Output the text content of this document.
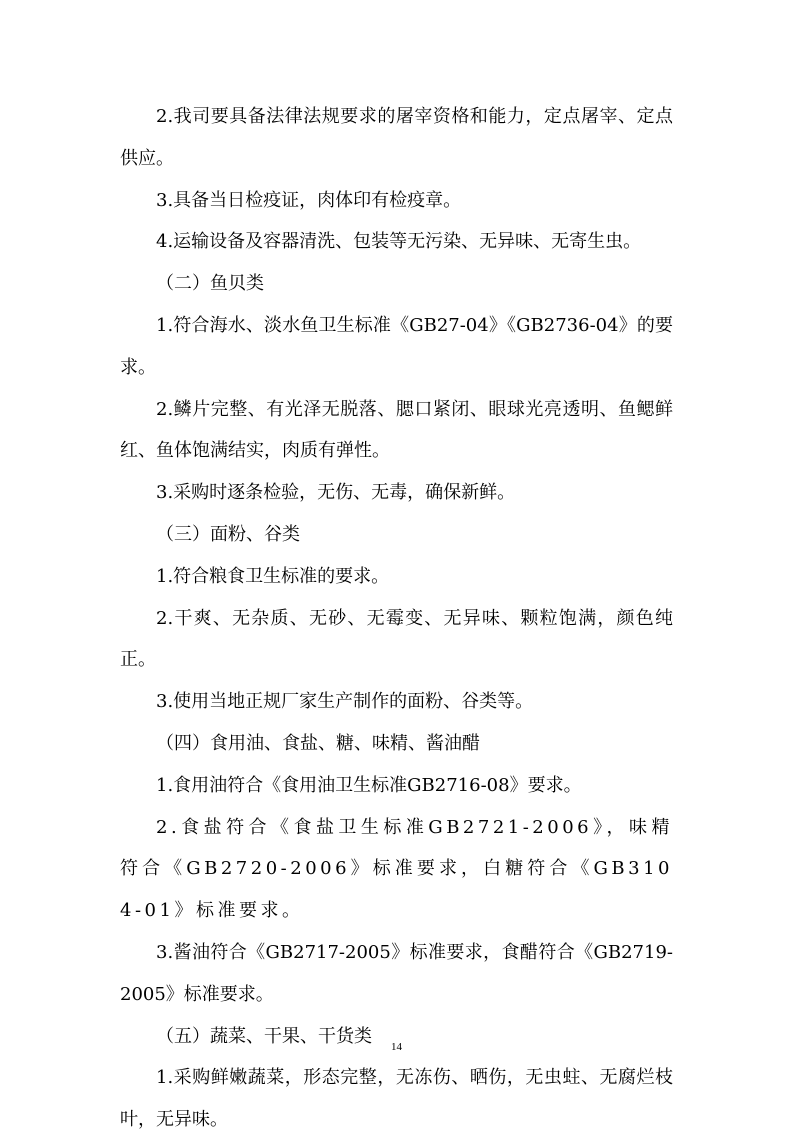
2.我司要具备法律法规要求的屠宰资格和能力，定点屠宰、定点供应。

3.具备当日检疫证，肉体印有检疫章。

4.运输设备及容器清洗、包装等无污染、无异味、无寄生虫。

（二）鱼贝类

1.符合海水、淡水鱼卫生标准《GB27-04》《GB2736-04》的要求。

2.鳞片完整、有光泽无脱落、腮口紧闭、眼球光亮透明、鱼鳃鲜红、鱼体饱满结实，肉质有弹性。

3.采购时逐条检验，无伤、无毒，确保新鲜。

（三）面粉、谷类

1.符合粮食卫生标准的要求。

2.干爽、无杂质、无砂、无霉变、无异味、颗粒饱满，颜色纯正。

3.使用当地正规厂家生产制作的面粉、谷类等。

（四）食用油、食盐、糖、味精、酱油醋

1.食用油符合《食用油卫生标准GB2716-08》要求。

2.食盐符合《食盐卫生标准GB2721-2006》，味精符合《GB2720-2006》标准要求，白糖符合《GB3104-01》标准要求。

3.酱油符合《GB2717-2005》标准要求，食醋符合《GB2719-2005》标准要求。

（五）蔬菜、干果、干货类

1.采购鲜嫩蔬菜，形态完整，无冻伤、晒伤，无虫蛀、无腐烂枝叶，无异味。

14
